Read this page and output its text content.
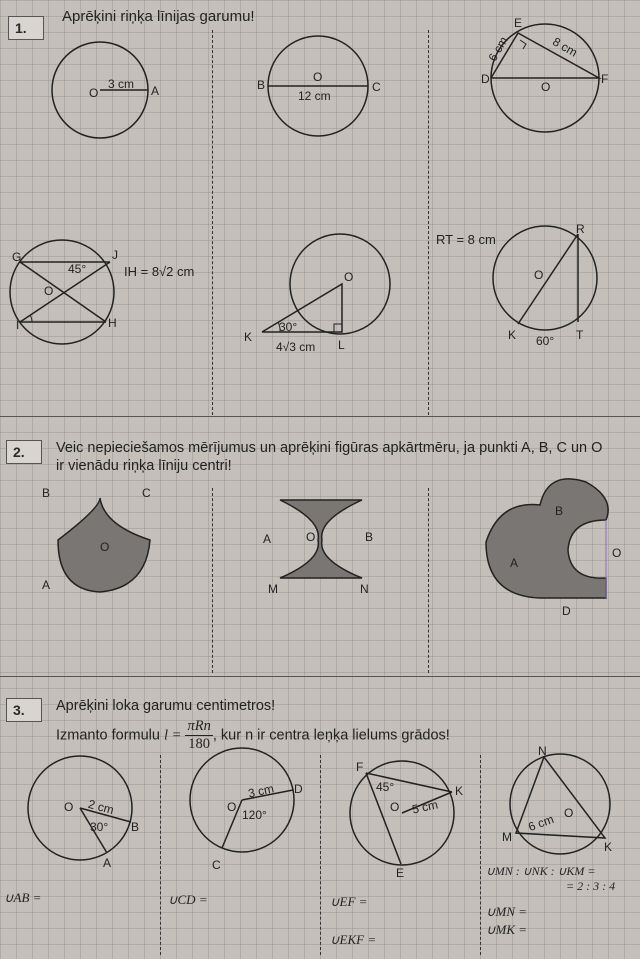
1.
Aprēķini riņķa līnijas garumu!
2.	Veic nepieciešamos mērījumus un aprēķini figūras apkārtmēru, ja punkti A, B, C un O
ir vienādu riņķa līniju centri!
3.	Aprēķini loka garumu centimetros!
Izmanto formulu $l = \frac{\text{πRn}}{180}$ , kur n ir centra leņķa lielums grādos!
O
3 cm A	B
O
C
12 cm
E
D
O
F
6 cm	8 cm
G	J
I	H
O
45°	IH = 8√2 cm	O
K
L
30°
4√3 cm
RT = 8 cm
R
O
K	T
60°
B	C
O
A
A	O	B
M	N
B
A
O
D
O 2 cm
30° B
A
O
3 cm
120°
D
C
F
45°
O 5 cm
K
E
N
M
O
K
6 cm
∪AB =	∪CD =	∪EF =
∪EKF =
∪MN : ∪NK : ∪KM =
= 2 : 3 : 4
∪MN =
∪MK =
